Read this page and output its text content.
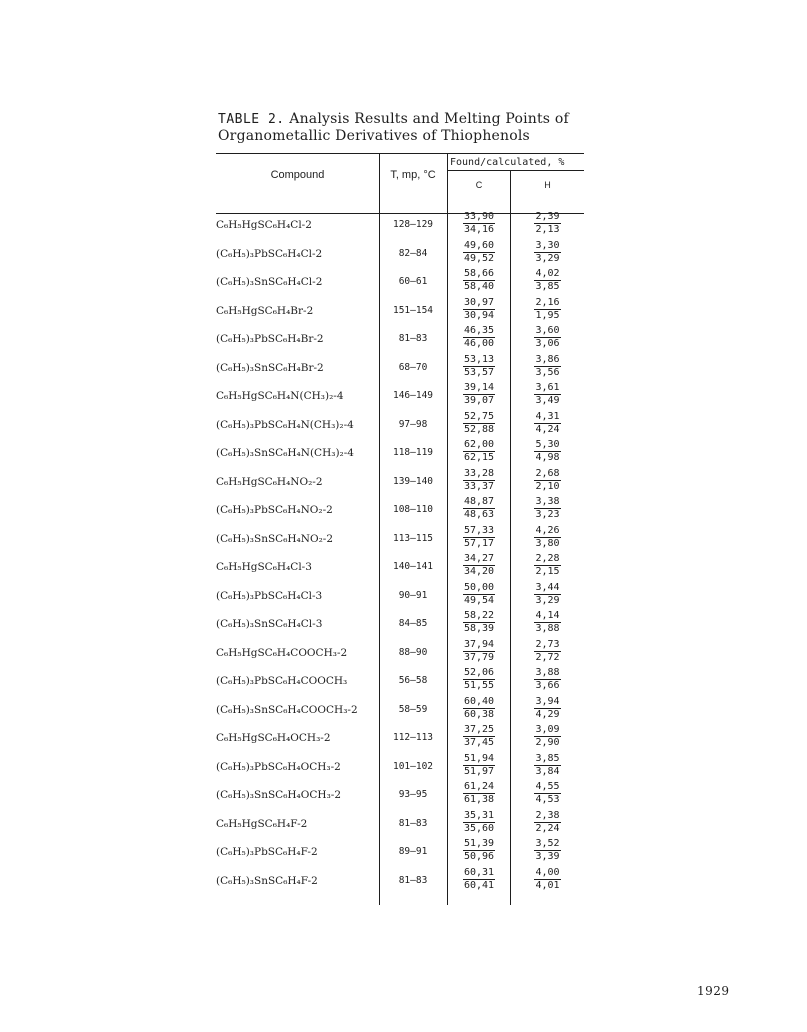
TABLE 2. Analysis Results and Melting Points of Organometallic Derivatives of Thiophenols
Compound	T, mp, °C
Found/calculated, %
C	H
C₆H₅HgSC₆H₄Cl-2	128—129	$\frac{33,90}{34,16} \frac{2,39}{2,13}$
(C₆H₅)₃PbSC₆H₄Cl-2	82—84	$\frac{49,60}{49,52} \frac{3,30}{3,29}$
(C₆H₅)₃SnSC₆H₄Cl-2	60—61	$\frac{58,66}{58,40} \frac{4,02}{3,85}$
C₆H₅HgSC₆H₄Br-2	151—154	$\frac{30,97}{30,94} \frac{2,16}{1,95}$
(C₆H₅)₃PbSC₆H₄Br-2	81—83	$\frac{46,35}{46,00} \frac{3,60}{3,06}$
(C₆H₅)₃SnSC₆H₄Br-2	68—70	$\frac{53,13}{53,57} \frac{3,86}{3,56}$
C₆H₅HgSC₆H₄N(CH₃)₂-4	146—149	$\frac{39,14}{39,07} \frac{3,61}{3,49}$
(C₆H₅)₃PbSC₆H₄N(CH₃)₂-4	97—98	$\frac{52,75}{52,88} \frac{4,31}{4,24}$
(C₆H₅)₃SnSC₆H₄N(CH₃)₂-4	118—119	$\frac{62,00}{62,15} \frac{5,30}{4,98}$
C₆H₅HgSC₆H₄NO₂-2	139—140	$\frac{33,28}{33,37} \frac{2,68}{2,10}$
(C₆H₅)₃PbSC₆H₄NO₂-2	108—110	$\frac{48,87}{48,63} \frac{3,38}{3,23}$
(C₆H₅)₃SnSC₆H₄NO₂-2	113—115	$\frac{57,33}{57,17} \frac{4,26}{3,80}$
C₆H₅HgSC₆H₄Cl-3	140—141	$\frac{34,27}{34,20} \frac{2,28}{2,15}$
(C₆H₅)₃PbSC₆H₄Cl-3	90—91	$\frac{50,00}{49,54} \frac{3,44}{3,29}$
(C₆H₅)₃SnSC₆H₄Cl-3	84—85	$\frac{58,22}{58,39} \frac{4,14}{3,88}$
C₆H₅HgSC₆H₄COOCH₃-2	88—90	$\frac{37,94}{37,79} \frac{2,73}{2,72}$
(C₆H₅)₃PbSC₆H₄COOCH₃	56—58	$\frac{52,06}{51,55} \frac{3,88}{3,66}$
(C₆H₅)₃SnSC₆H₄COOCH₃-2	58—59	$\frac{60,40}{60,38} \frac{3,94}{4,29}$
C₆H₅HgSC₆H₄OCH₃-2	112—113	$\frac{37,25}{37,45} \frac{3,09}{2,90}$
(C₆H₅)₃PbSC₆H₄OCH₃-2	101—102	$\frac{51,94}{51,97} \frac{3,85}{3,84}$
(C₆H₅)₃SnSC₆H₄OCH₃-2	93—95	$\frac{61,24}{61,38} \frac{4,55}{4,53}$
C₆H₅HgSC₆H₄F-2	81—83	$\frac{35,31}{35,60} \frac{2,38}{2,24}$
(C₆H₅)₃PbSC₆H₄F-2	89—91	$\frac{51,39}{50,96} \frac{3,52}{3,39}$
(C₆H₅)₃SnSC₆H₄F-2	81—83	$\frac{60,31}{60,41} \frac{4,00}{4,01}$
1929
